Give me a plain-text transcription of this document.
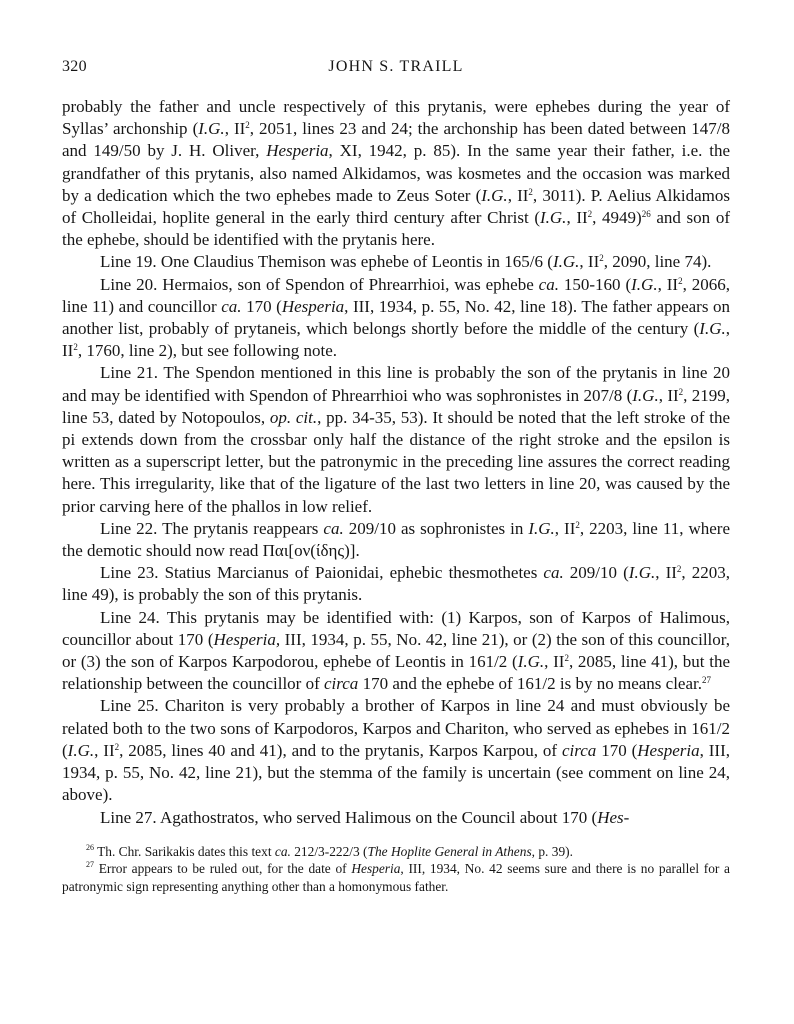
320	JOHN S. TRAILL

probably the father and uncle respectively of this prytanis, were ephebes during the year of Syllas’ archonship (I.G., $II^2$, 2051, lines 23 and 24; the archonship has been dated between 147/8 and 149/50 by J. H. Oliver, Hesperia, XI, 1942, p. 85). In the same year their father, i.e. the grandfather of this prytanis, also named Alkidamos, was kosmetes and the occasion was marked by a dedication which the two ephebes made to Zeus Soter (I.G., $II^2$, 3011). P. Aelius Alkidamos of Cholleidai, hoplite general in the early third century after Christ (I.G., $II^2$, 4949)$^{26}$ and son of the ephebe, should be identified with the prytanis here.

Line 19. One Claudius Themison was ephebe of Leontis in 165/6 (I.G., $II^2$, 2090, line 74).

Line 20. Hermaios, son of Spendon of Phrearrhioi, was ephebe ca. 150-160 (I.G., $II^2$, 2066, line 11) and councillor ca. 170 (Hesperia, III, 1934, p. 55, No. 42, line 18). The father appears on another list, probably of prytaneis, which belongs shortly before the middle of the century (I.G., $II^2$, 1760, line 2), but see following note.

Line 21. The Spendon mentioned in this line is probably the son of the prytanis in line 20 and may be identified with Spendon of Phrearrhioi who was sophronistes in 207/8 (I.G., $II^2$, 2199, line 53, dated by Notopoulos, op. cit., pp. 34-35, 53). It should be noted that the left stroke of the pi extends down from the crossbar only half the distance of the right stroke and the epsilon is written as a superscript letter, but the patronymic in the preceding line assures the correct reading here. This irregularity, like that of the ligature of the last two letters in line 20, was caused by the prior carving here of the phallos in low relief.

Line 22. The prytanis reappears ca. 209/10 as sophronistes in I.G., $II^2$, 2203, line 11, where the demotic should now read Παι[ον(ίδης)].

Line 23. Statius Marcianus of Paionidai, ephebic thesmothetes ca. 209/10 (I.G., $II^2$, 2203, line 49), is probably the son of this prytanis.

Line 24. This prytanis may be identified with: (1) Karpos, son of Karpos of Halimous, councillor about 170 (Hesperia, III, 1934, p. 55, No. 42, line 21), or (2) the son of this councillor, or (3) the son of Karpos Karpodorou, ephebe of Leontis in 161/2 (I.G., $II^2$, 2085, line 41), but the relationship between the councillor of circa 170 and the ephebe of 161/2 is by no means clear.$^{27}$

Line 25. Chariton is very probably a brother of Karpos in line 24 and must obviously be related both to the two sons of Karpodoros, Karpos and Chariton, who served as ephebes in 161/2 (I.G., $II^2$, 2085, lines 40 and 41), and to the prytanis, Karpos Karpou, of circa 170 (Hesperia, III, 1934, p. 55, No. 42, line 21), but the stemma of the family is uncertain (see comment on line 24, above).

Line 27. Agathostratos, who served Halimous on the Council about 170 (Hes-

$^{26}$ Th. Chr. Sarikakis dates this text ca. 212/3-222/3 (The Hoplite General in Athens, p. 39).

$^{27}$ Error appears to be ruled out, for the date of Hesperia, III, 1934, No. 42 seems sure and there is no parallel for a patronymic sign representing anything other than a homonymous father.
